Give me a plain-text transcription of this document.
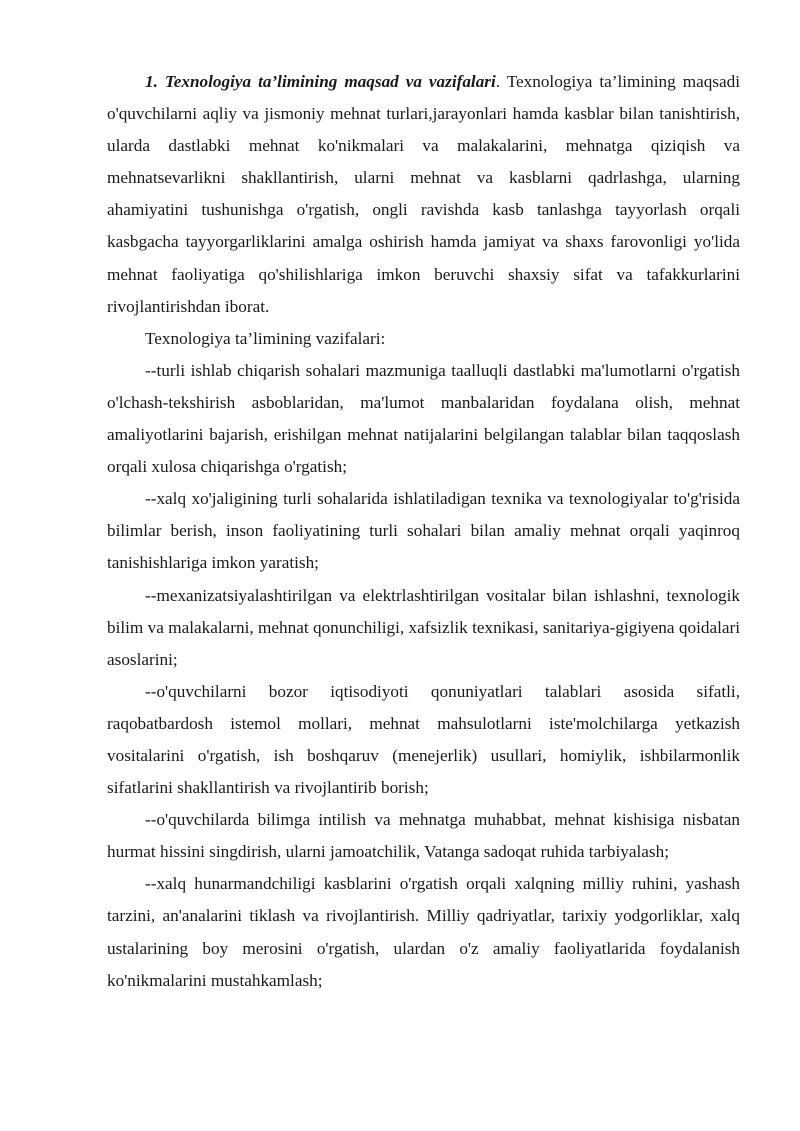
1. Texnologiya ta’limining maqsad va vazifalari. Texnologiya ta’limining maqsadi o'quvchilarni aqliy va jismoniy mehnat turlari,jarayonlari hamda kasblar bilan tanishtirish, ularda dastlabki mehnat ko'nikmalari va malakalarini, mehnatga qiziqish va mehnatsevarlikni shakllantirish, ularni mehnat va kasblarni qadrlashga, ularning ahamiyatini tushunishga o'rgatish, ongli ravishda kasb tanlashga tayyorlash orqali kasbgacha tayyorgarliklarini amalga oshirish hamda jamiyat va shaxs farovonligi yo'lida mehnat faoliyatiga qo'shilishlariga imkon beruvchi shaxsiy sifat va tafakkurlarini rivojlantirishdan iborat.

Texnologiya ta’limining vazifalari:

--turli ishlab chiqarish sohalari mazmuniga taalluqli dastlabki ma'lumotlarni o'rgatish o'lchash-tekshirish asboblaridan, ma'lumot manbalaridan foydalana olish, mehnat amaliyotlarini bajarish, erishilgan mehnat natijalarini belgilangan talablar bilan taqqoslash orqali xulosa chiqarishga o'rgatish;

--xalq xo'jaligining turli sohalarida ishlatiladigan texnika va texnologiyalar to'g'risida bilimlar berish, inson faoliyatining turli sohalari bilan amaliy mehnat orqali yaqinroq tanishishlariga imkon yaratish;

--mexanizatsiyalashtirilgan va elektrlashtirilgan vositalar bilan ishlashni, texnologik bilim va malakalarni, mehnat qonunchiligi, xafsizlik texnikasi, sanitariya-gigiyena qoidalari asoslarini;

--o'quvchilarni bozor iqtisodiyoti qonuniyatlari talablari asosida sifatli, raqobatbardosh istemol mollari, mehnat mahsulotlarni iste'molchilarga yetkazish vositalarini o'rgatish, ish boshqaruv (menejerlik) usullari, homiylik, ishbilarmonlik sifatlarini shakllantirish va rivojlantirib borish;

--o'quvchilarda bilimga intilish va mehnatga muhabbat, mehnat kishisiga nisbatan hurmat hissini singdirish, ularni jamoatchilik, Vatanga sadoqat ruhida tarbiyalash;

--xalq hunarmandchiligi kasblarini o'rgatish orqali xalqning milliy ruhini, yashash tarzini, an'analarini tiklash va rivojlantirish. Milliy qadriyatlar, tarixiy yodgorliklar, xalq ustalarining boy merosini o'rgatish, ulardan o'z amaliy faoliyatlarida foydalanish ko'nikmalarini mustahkamlash;
